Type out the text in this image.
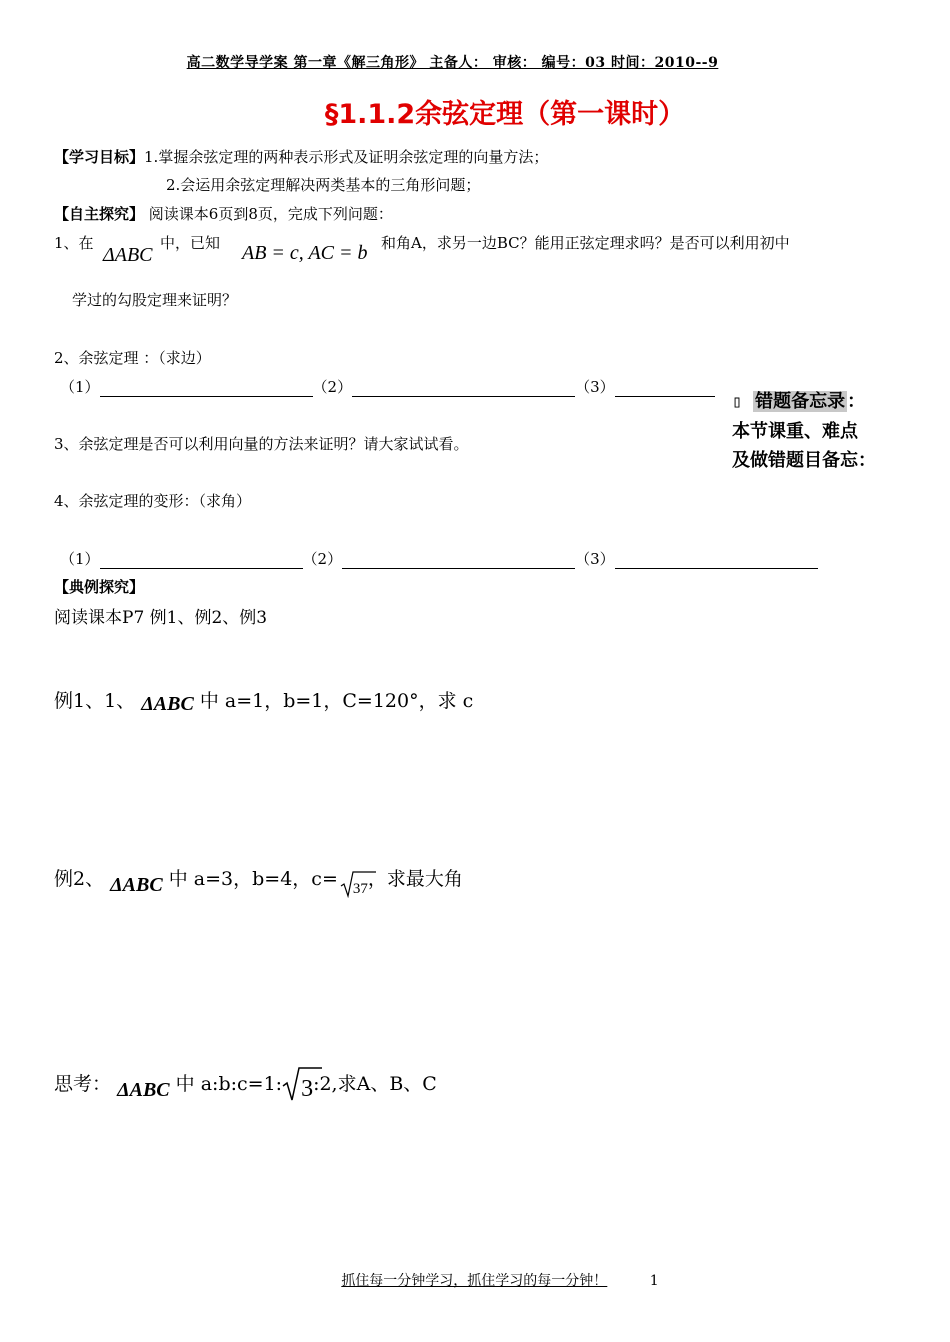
高二数学导学案 第一章《解三角形》 主备人： 审核： 编号：03 时间：2010--9
§1.1.2余弦定理（第一课时）
【学习目标】1.掌握余弦定理的两种表示形式及证明余弦定理的向量方法；
2.会运用余弦定理解决两类基本的三角形问题；
【自主探究】 阅读课本6页到8页，完成下列问题：
1、在
ΔABC
中，已知 AB = c, AC = b 和角A，求另一边BC？能用正弦定理求吗？是否可以利用初中
学过的勾股定理来证明？
2、余弦定理 ：（求边）
（1）	（2）	（3）
▯ 错题备忘录 ：
本节课重、难点
及做错题目备忘：
3、余弦定理是否可以利用向量的方法来证明？请大家试试看。
4、余弦定理的变形：（求角）
（1）	（2）	（3）
【典例探究】
阅读课本P7 例1、例2、例3
例1、1、 ΔABC 中 a=1，b=1，C=120°，求 c
例2、 ΔABC 中 a=3，b=4，c= 37，求最大角
思考： ΔABC 中 a:b:c=1: 3:2,求A、B、C
抓住每一分钟学习，抓住学习的每一分钟！	1
